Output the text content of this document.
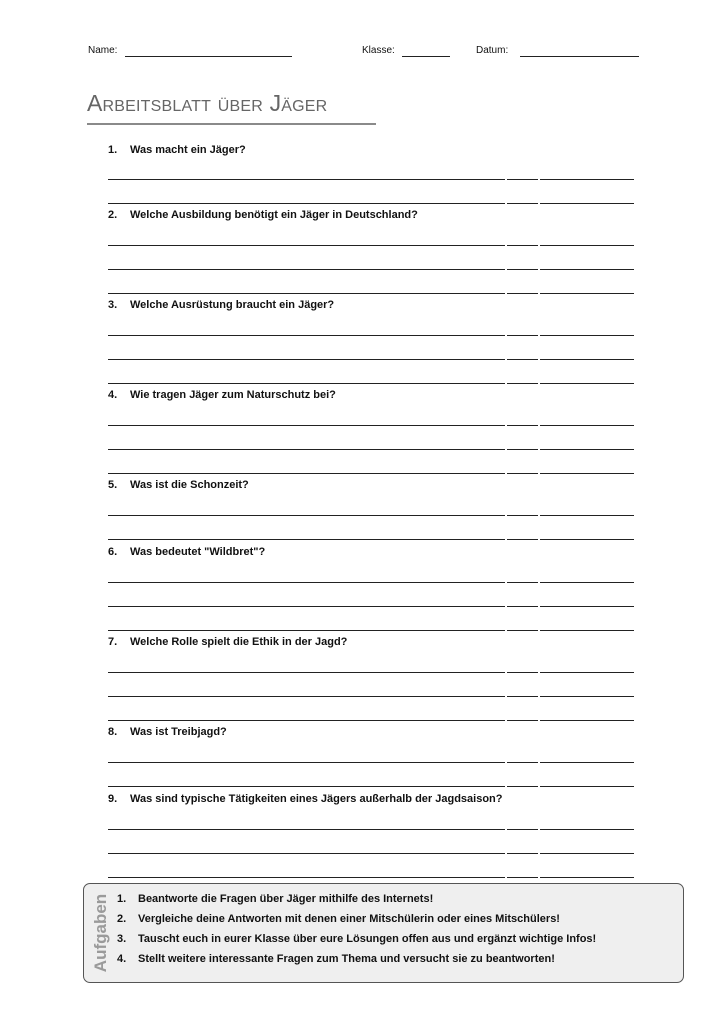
Name:	Klasse:	Datum:
Arbeitsblatt über Jäger
1. Was macht ein Jäger?
2. Welche Ausbildung benötigt ein Jäger in Deutschland?
3. Welche Ausrüstung braucht ein Jäger?
4. Wie tragen Jäger zum Naturschutz bei?
5. Was ist die Schonzeit?
6. Was bedeutet "Wildbret"?
7. Welche Rolle spielt die Ethik in der Jagd?
8. Was ist Treibjagd?
9. Was sind typische Tätigkeiten eines Jägers außerhalb der Jagdsaison?
Aufgaben 1. Beantworte die Fragen über Jäger mithilfe des Internets!
2. Vergleiche deine Antworten mit denen einer Mitschülerin oder eines Mitschülers!
3. Tauscht euch in eurer Klasse über eure Lösungen offen aus und ergänzt wichtige Infos!
4. Stellt weitere interessante Fragen zum Thema und versucht sie zu beantworten!
